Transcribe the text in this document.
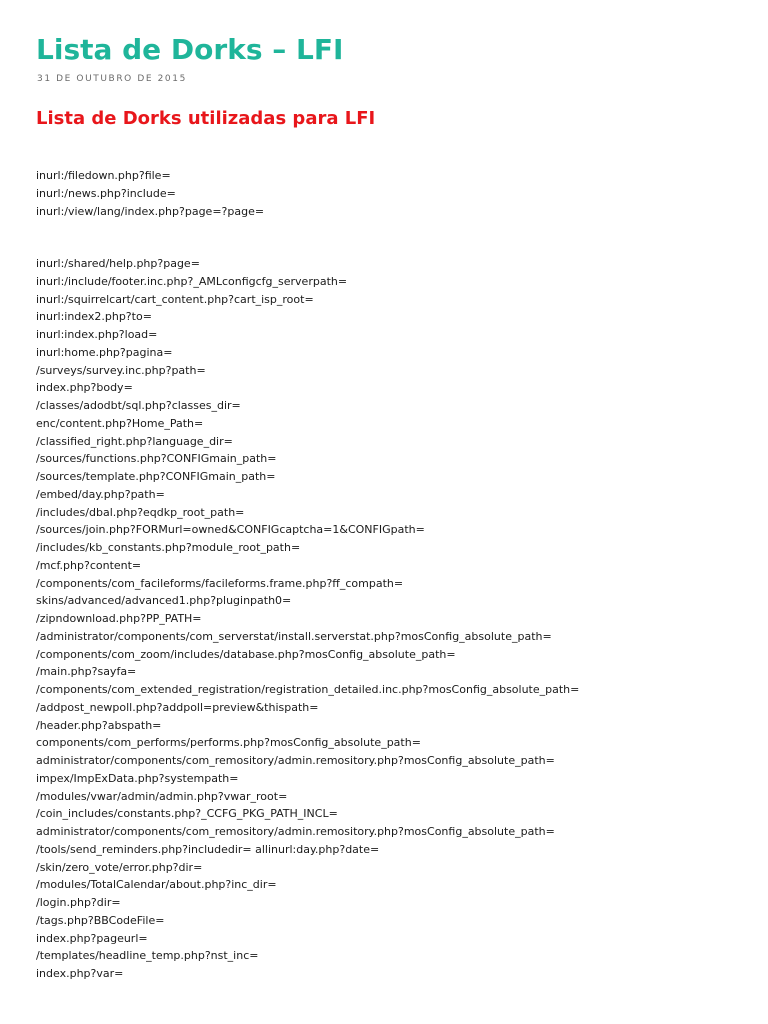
Lista de Dorks – LFI
31 DE OUTUBRO DE 2015
Lista de Dorks utilizadas para LFI
inurl:/filedown.php?file=
inurl:/news.php?include=
inurl:/view/lang/index.php?page=?page=
inurl:/shared/help.php?page=
inurl:/include/footer.inc.php?_AMLconfigcfg_serverpath=
inurl:/squirrelcart/cart_content.php?cart_isp_root=
inurl:index2.php?to=
inurl:index.php?load=
inurl:home.php?pagina=
/surveys/survey.inc.php?path=
index.php?body=
/classes/adodbt/sql.php?classes_dir=
enc/content.php?Home_Path=
/classified_right.php?language_dir=
/sources/functions.php?CONFIGmain_path=
/sources/template.php?CONFIGmain_path=
/embed/day.php?path=
/includes/dbal.php?eqdkp_root_path=
/sources/join.php?FORMurl=owned&CONFIGcaptcha=1&CONFIGpath=
/includes/kb_constants.php?module_root_path=
/mcf.php?content=
/components/com_facileforms/facileforms.frame.php?ff_compath=
skins/advanced/advanced1.php?pluginpath0=
/zipndownload.php?PP_PATH=
/administrator/components/com_serverstat/install.serverstat.php?mosConfig_absolute_path=
/components/com_zoom/includes/database.php?mosConfig_absolute_path=
/main.php?sayfa=
/components/com_extended_registration/registration_detailed.inc.php?mosConfig_absolute_path=
/addpost_newpoll.php?addpoll=preview&thispath=
/header.php?abspath=
components/com_performs/performs.php?mosConfig_absolute_path=
administrator/components/com_remository/admin.remository.php?mosConfig_absolute_path=
impex/ImpExData.php?systempath=
/modules/vwar/admin/admin.php?vwar_root=
/coin_includes/constants.php?_CCFG_PKG_PATH_INCL=
administrator/components/com_remository/admin.remository.php?mosConfig_absolute_path=
/tools/send_reminders.php?includedir= allinurl:day.php?date=
/skin/zero_vote/error.php?dir=
/modules/TotalCalendar/about.php?inc_dir=
/login.php?dir=
/tags.php?BBCodeFile=
index.php?pageurl=
/templates/headline_temp.php?nst_inc=
index.php?var=
